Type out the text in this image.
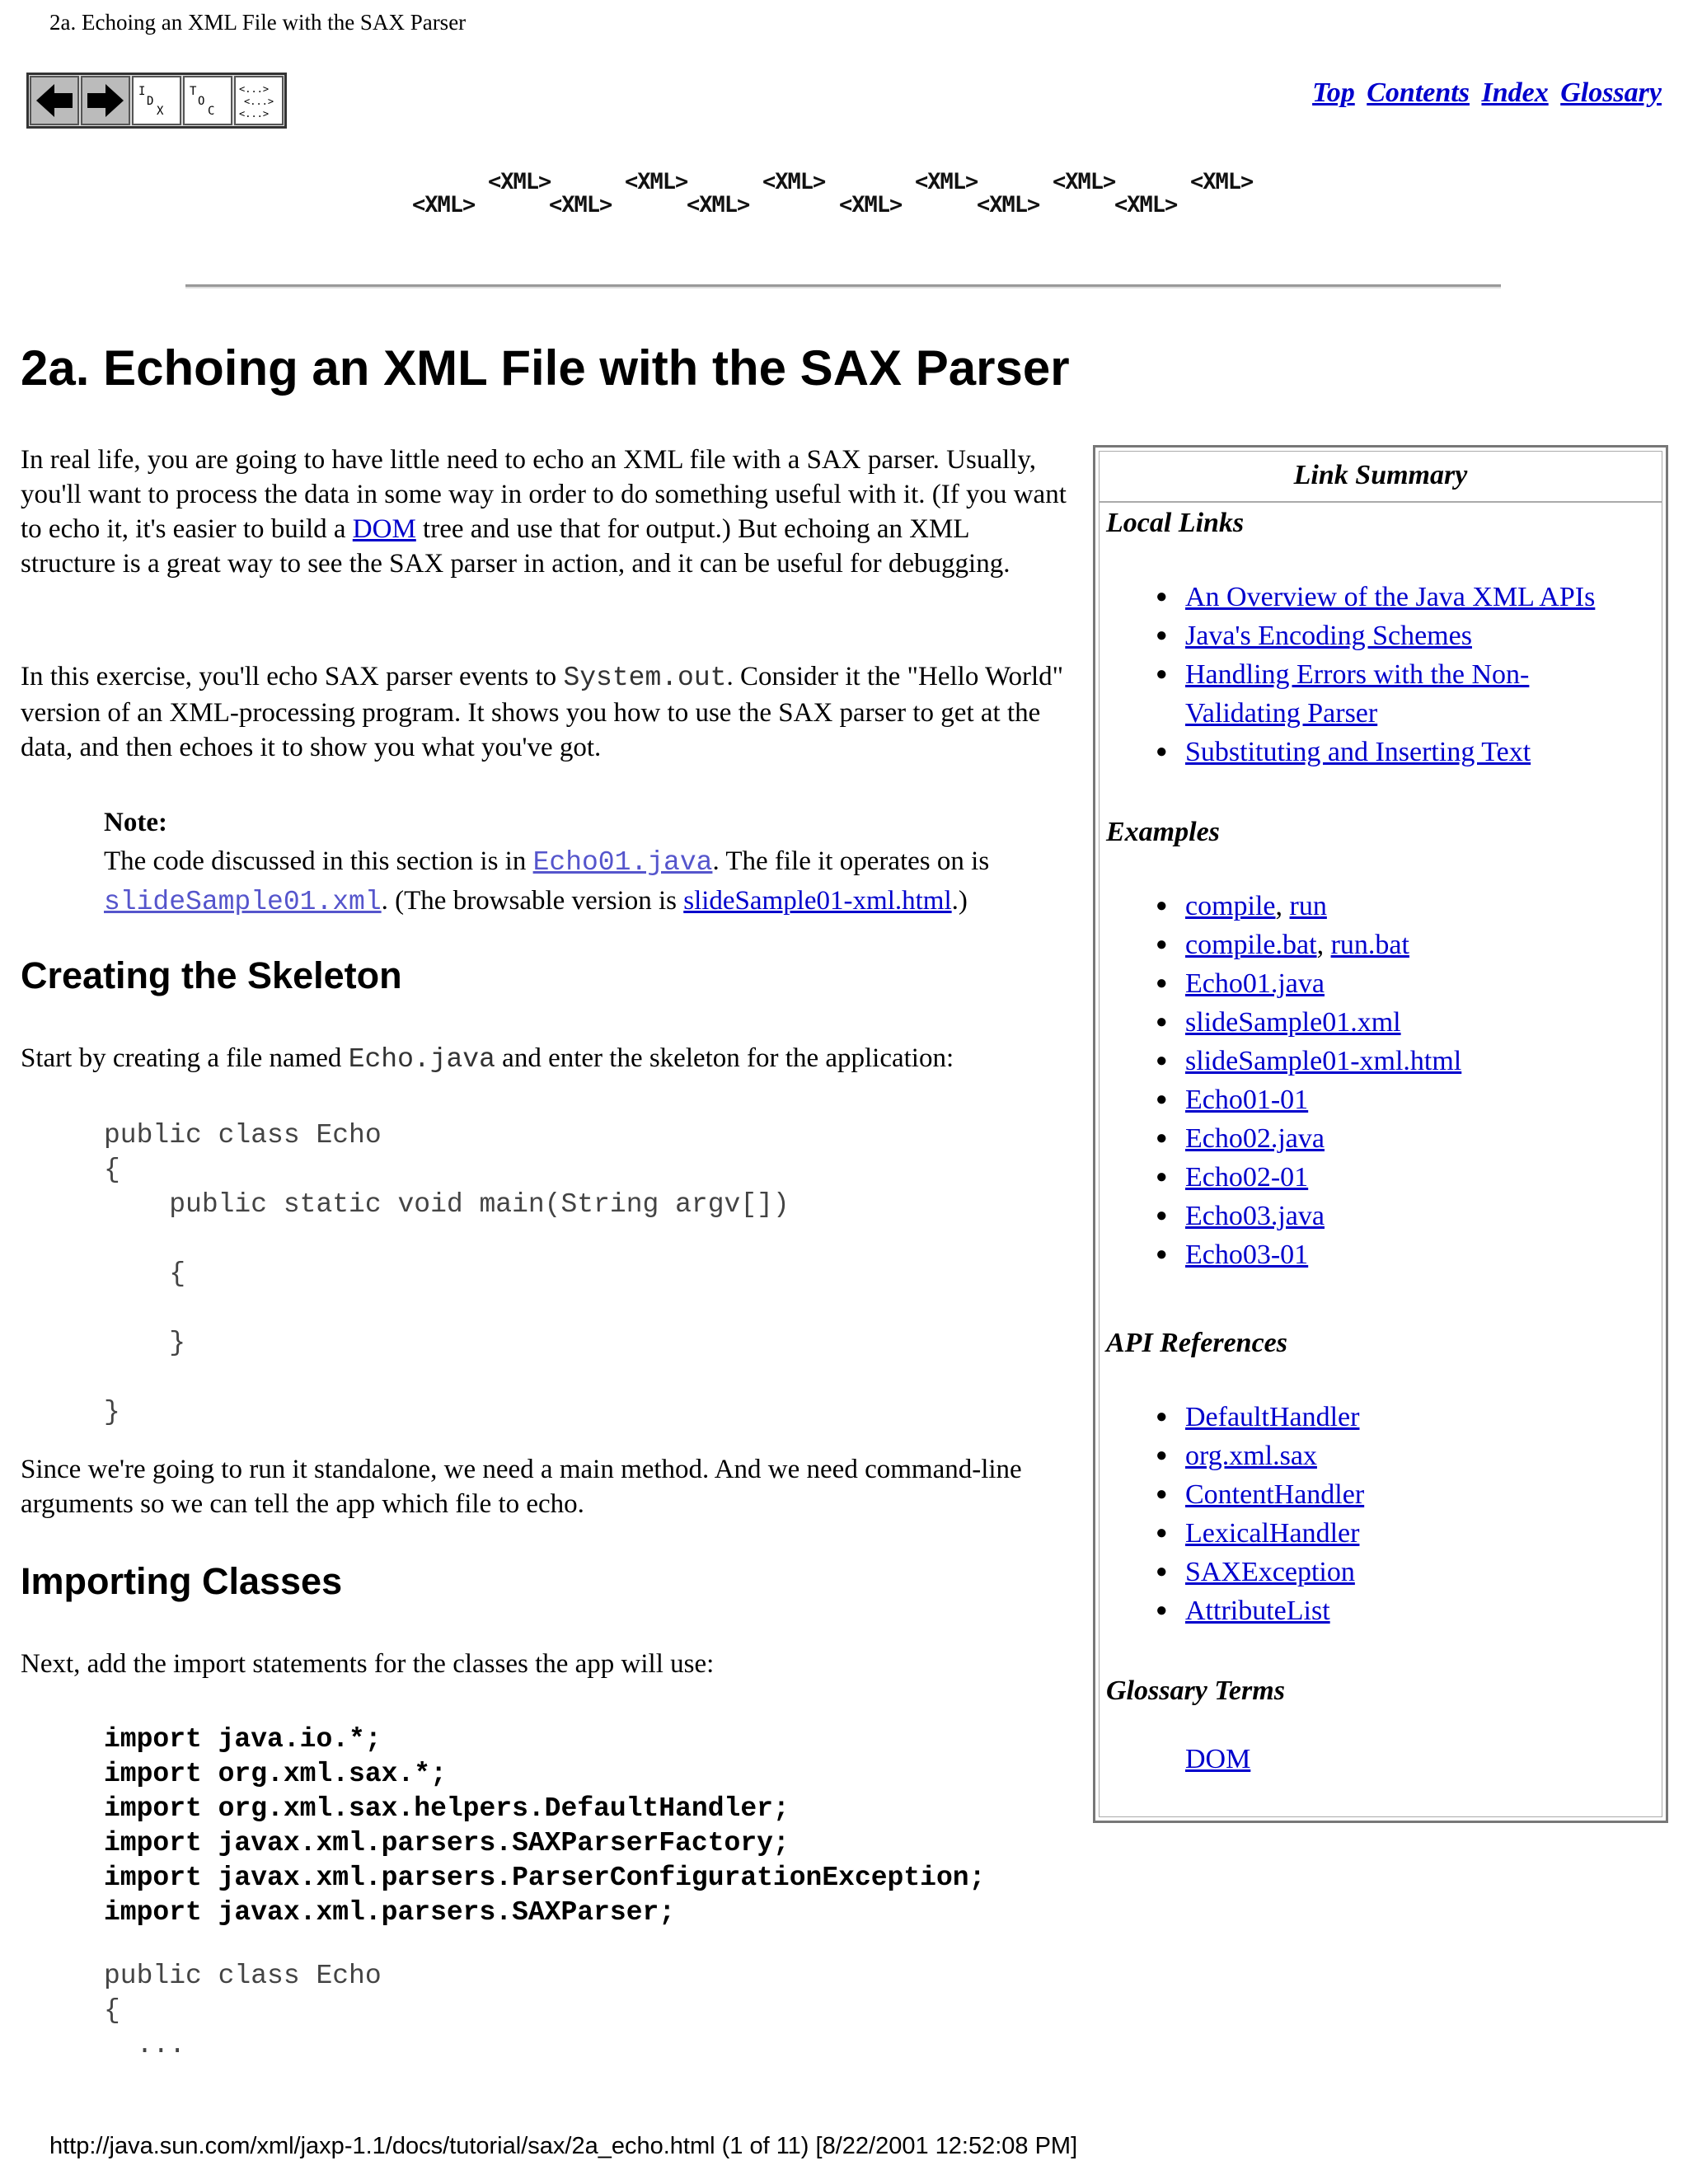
2a. Echoing an XML File with the SAX Parser
I
D
X
T
O
C
<...>
<...>
<...>
Top Contents Index Glossary
<XML>
<XML>
<XML>
<XML>
<XML>
<XML>
<XML>
<XML>
<XML>
<XML>
<XML>
<XML>
2a. Echoing an XML File with the SAX Parser

In real life, you are going to have little need to echo an XML file with a SAX parser. Usually, you'll want to process the data in some way in order to do something useful with it. (If you want to echo it, it's easier to build a DOM tree and use that for output.) But echoing an XML structure is a great way to see the SAX parser in action, and it can be useful for debugging.

In this exercise, you'll echo SAX parser events to System.out. Consider it the "Hello World" version of an XML-processing program. It shows you how to use the SAX parser to get at the data, and then echoes it to show you what you've got.

Note:
The code discussed in this section is in Echo01.java. The file it operates on is slideSample01.xml. (The browsable version is slideSample01-xml.html.)
Creating the Skeleton

Start by creating a file named Echo.java and enter the skeleton for the application:

public class Echo
{
public static void main(String argv[])

{

}

}

Since we're going to run it standalone, we need a main method. And we need command-line arguments so we can tell the app which file to echo.

Importing Classes

Next, add the import statements for the classes the app will use:

import java.io.*;
import org.xml.sax.*;
import org.xml.sax.helpers.DefaultHandler;
import javax.xml.parsers.SAXParserFactory;
import javax.xml.parsers.ParserConfigurationException;
import javax.xml.parsers.SAXParser;
public class Echo
{
...
Link Summary
Local Links
● An Overview of the Java XML APIs
● Java's Encoding Schemes
● Handling Errors with the Non-
Validating Parser
● Substituting and Inserting Text
Examples
● compile, run
● compile.bat, run.bat
● Echo01.java
● slideSample01.xml
● slideSample01-xml.html
● Echo01-01
● Echo02.java
● Echo02-01
● Echo03.java
● Echo03-01
API References
● DefaultHandler
● org.xml.sax
● ContentHandler
● LexicalHandler
● SAXException
● AttributeList
Glossary Terms
DOM
http://java.sun.com/xml/jaxp-1.1/docs/tutorial/sax/2a_echo.html (1 of 11) [8/22/2001 12:52:08 PM]
